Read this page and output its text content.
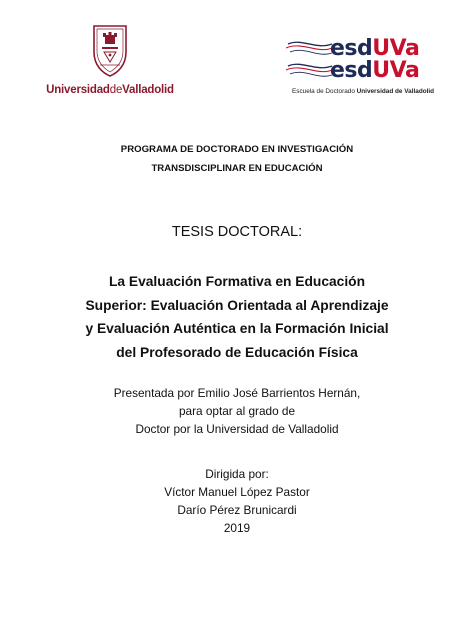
UniversidaddeValladolid
esdUVa
esdUVa
Escuela de Doctorado Universidad de Valladolid
PROGRAMA DE DOCTORADO EN INVESTIGACIÓN
TRANSDISCIPLINAR EN EDUCACIÓN
TESIS DOCTORAL:
La Evaluación Formativa en Educación
Superior: Evaluación Orientada al Aprendizaje
y Evaluación Auténtica en la Formación Inicial
del Profesorado de Educación Física
Presentada por Emilio José Barrientos Hernán,
para optar al grado de
Doctor por la Universidad de Valladolid
Dirigida por:
Víctor Manuel López Pastor
Darío Pérez Brunicardi
2019
